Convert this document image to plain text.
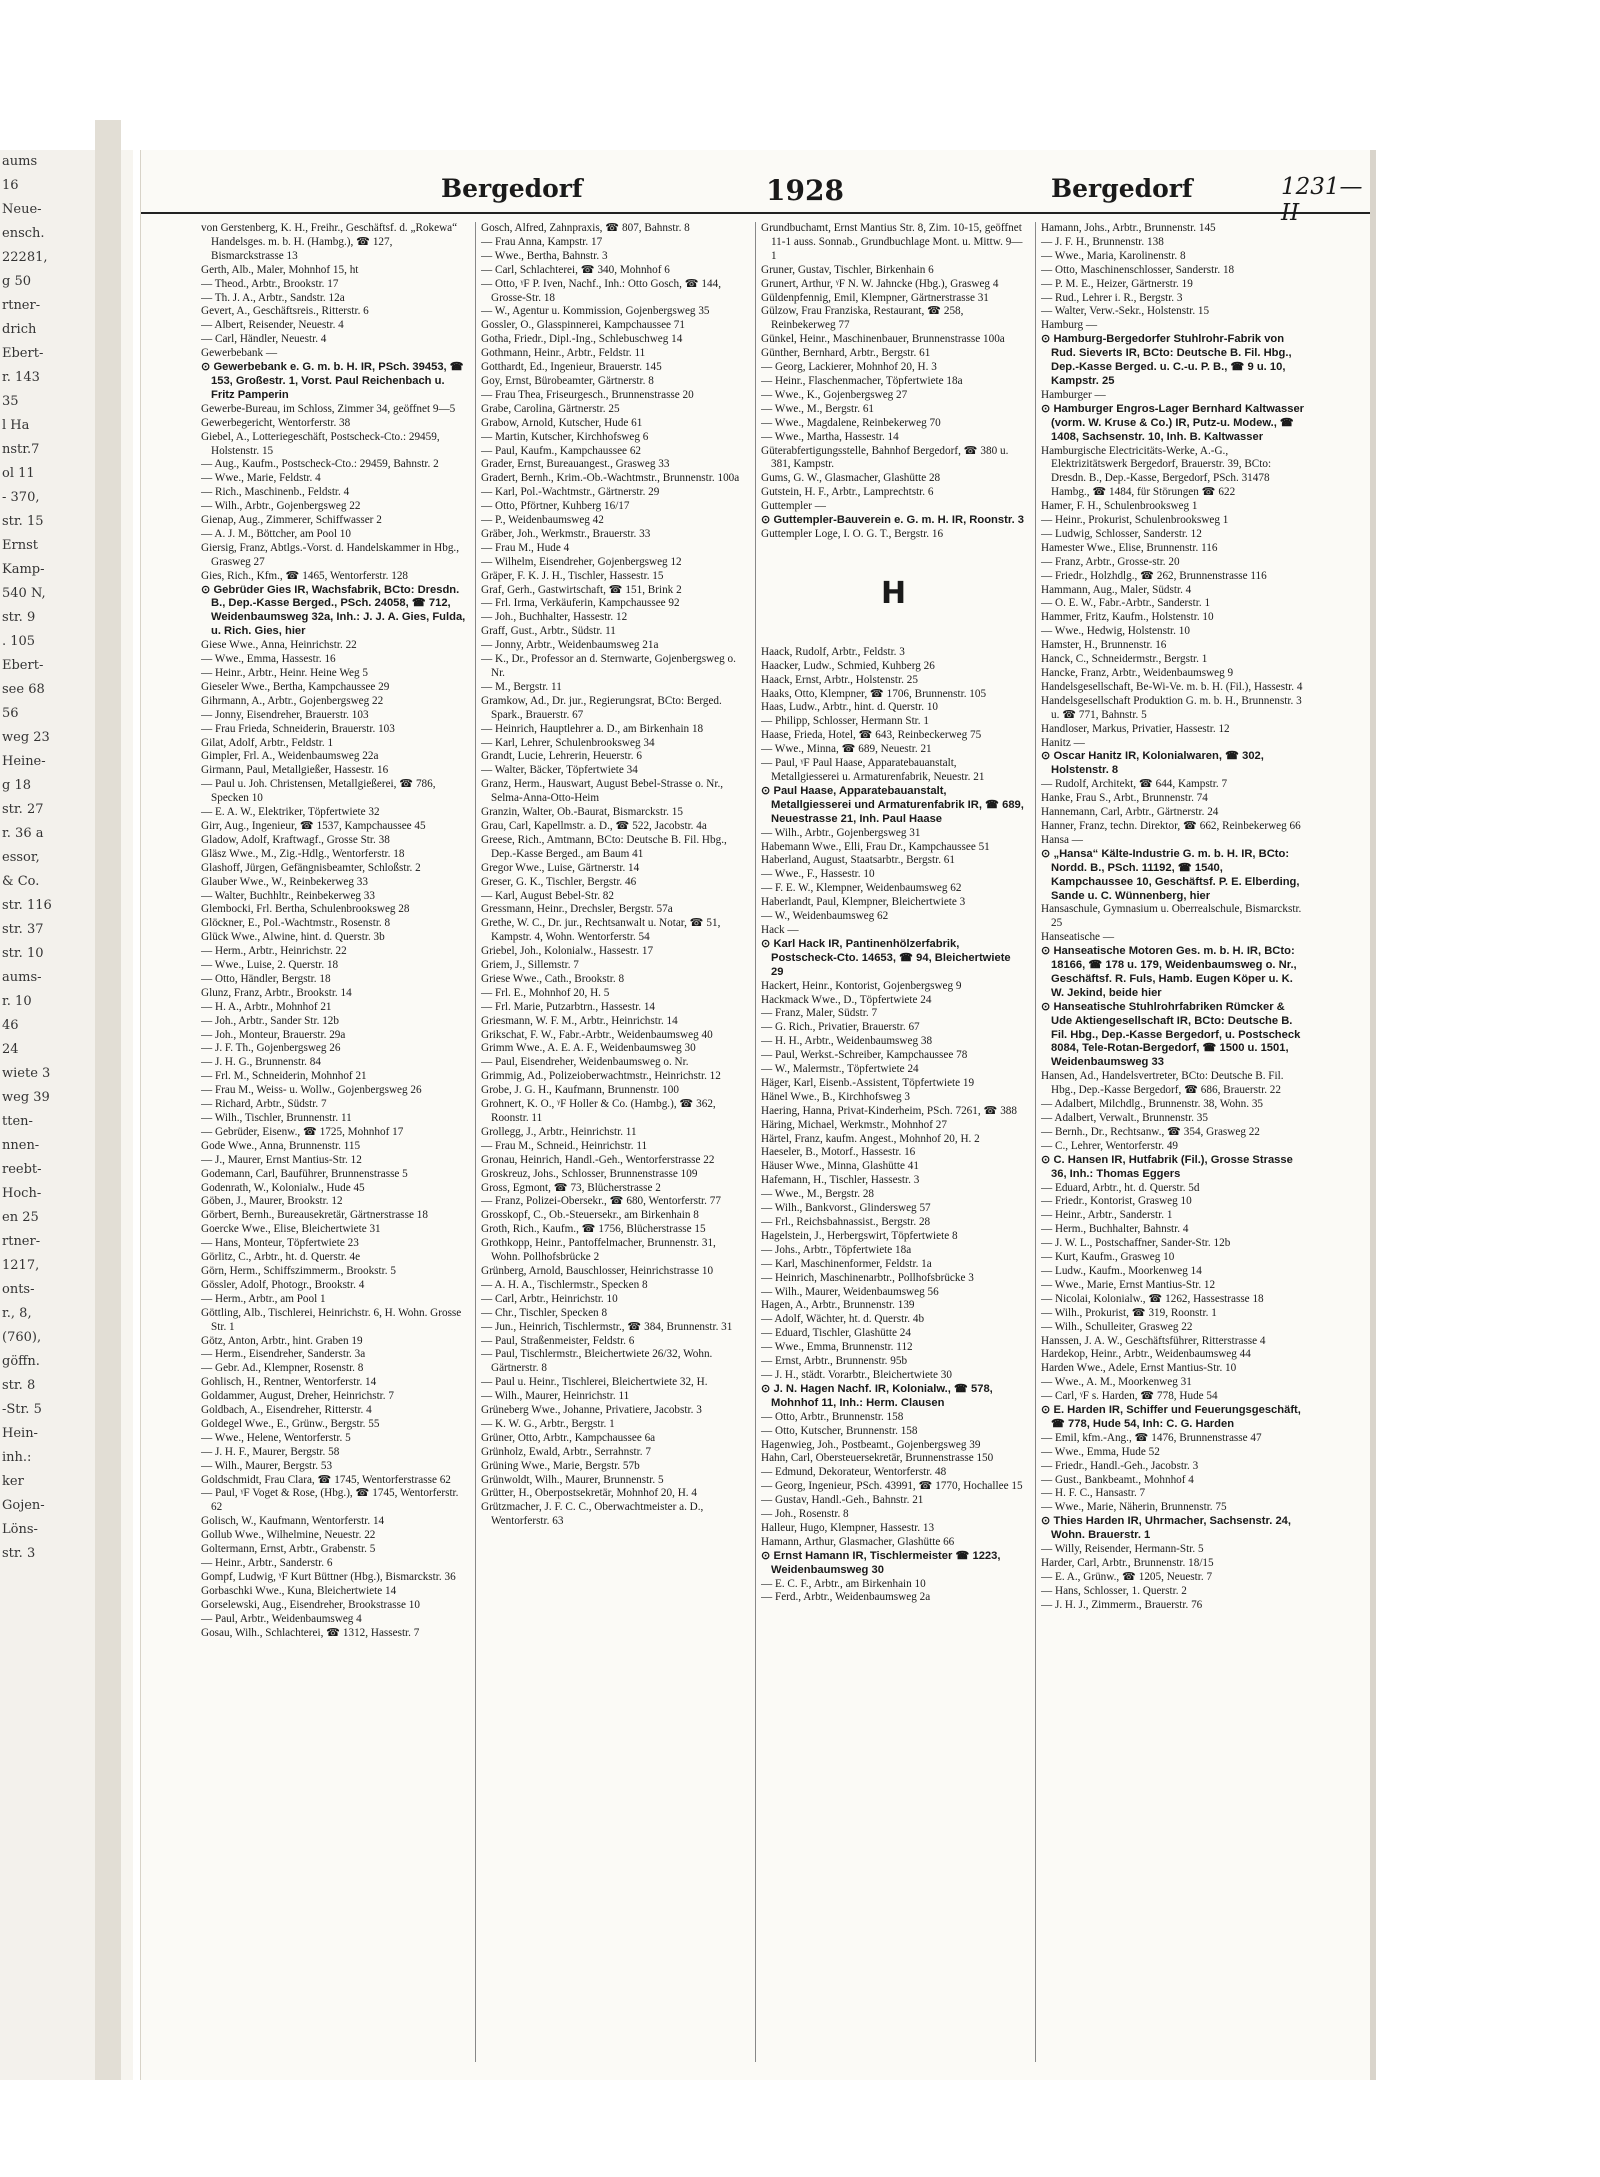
aums
16
Neue-
ensch.
22281,
g 50
rtner-
drich
Ebert-
r. 143
35
l Ha
nstr.7
ol 11
- 370,
str. 15
Ernst
Kamp-
540 N,
str. 9
. 105
Ebert-
see 68
56
weg 23
Heine-
g 18
str. 27
r. 36 a
essor,
& Co.
str. 116
str. 37
str. 10
aums-
r. 10
46
24
wiete 3
weg 39
tten-
nnen-
reebt-
Hoch-
en 25
rtner-
1217,
onts-
r., 8,
(760),
göffn.
str. 8
-Str. 5
Hein-
inh.:
ker
Gojen-
Löns-
str. 3
Bergedorf	1928	Bergedorf	1231—II

von Gerstenberg, K. H., Freihr., Geschäftsf. d. „Rokewa“ Handelsges. m. b. H. (Hambg.), ☎ 127, Bismarckstrasse 13

Gerth, Alb., Maler, Mohnhof 15, ht

— Theod., Arbtr., Brookstr. 17

— Th. J. A., Arbtr., Sandstr. 12a

Gevert, A., Geschäftsreis., Ritterstr. 6

— Albert, Reisender, Neuestr. 4

— Carl, Händler, Neuestr. 4

Gewerbebank —

⊙ Gewerbebank e. G. m. b. H. IR, PSch. 39453, ☎ 153, Großestr. 1, Vorst. Paul Reichenbach u. Fritz Pamperin

Gewerbe-Bureau, im Schloss, Zimmer 34, geöffnet 9—5

Gewerbegericht, Wentorferstr. 38

Giebel, A., Lotteriegeschäft, Postscheck-Cto.: 29459, Holstenstr. 15

— Aug., Kaufm., Postscheck-Cto.: 29459, Bahnstr. 2

— Wwe., Marie, Feldstr. 4

— Rich., Maschinenb., Feldstr. 4

— Wilh., Arbtr., Gojenbergsweg 22

Gienap, Aug., Zimmerer, Schiffwasser 2

— A. J. M., Böttcher, am Pool 10

Giersig, Franz, Abtlgs.-Vorst. d. Handelskammer in Hbg., Grasweg 27

Gies, Rich., Kfm., ☎ 1465, Wentorferstr. 128

⊙ Gebrüder Gies IR, Wachsfabrik, BCto: Dresdn. B., Dep.-Kasse Berged., PSch. 24058, ☎ 712, Weidenbaumsweg 32a, Inh.: J. J. A. Gies, Fulda, u. Rich. Gies, hier

Giese Wwe., Anna, Heinrichstr. 22

— Wwe., Emma, Hassestr. 16

— Heinr., Arbtr., Heinr. Heine Weg 5

Gieseler Wwe., Bertha, Kampchaussee 29

Gihrmann, A., Arbtr., Gojenbergsweg 22

— Jonny, Eisendreher, Brauerstr. 103

— Frau Frieda, Schneiderin, Brauerstr. 103

Gilat, Adolf, Arbtr., Feldstr. 1

Gimpler, Frl. A., Weidenbaumsweg 22a

Girmann, Paul, Metallgießer, Hassestr. 16

— Paul u. Joh. Christensen, Metallgießerei, ☎ 786, Specken 10

— E. A. W., Elektriker, Töpfertwiete 32

Girr, Aug., Ingenieur, ☎ 1537, Kampchaussee 45

Gladow, Adolf, Kraftwagf., Grosse Str. 38

Gläsz Wwe., M., Zig.-Hdlg., Wentorferstr. 18

Glashoff, Jürgen, Gefängnisbeamter, Schloßstr. 2

Glauber Wwe., W., Reinbekerweg 33

— Walter, Buchhltr., Reinbekerweg 33

Glembocki, Frl. Bertha, Schulenbrooksweg 28

Glöckner, E., Pol.-Wachtmstr., Rosenstr. 8

Glück Wwe., Alwine, hint. d. Querstr. 3b

— Herm., Arbtr., Heinrichstr. 22

— Wwe., Luise, 2. Querstr. 18

— Otto, Händler, Bergstr. 18

Glunz, Franz, Arbtr., Brookstr. 14

— H. A., Arbtr., Mohnhof 21

— Joh., Arbtr., Sander Str. 12b

— Joh., Monteur, Brauerstr. 29a

— J. F. Th., Gojenbergsweg 26

— J. H. G., Brunnenstr. 84

— Frl. M., Schneiderin, Mohnhof 21

— Frau M., Weiss- u. Wollw., Gojenbergsweg 26

— Richard, Arbtr., Südstr. 7

— Wilh., Tischler, Brunnenstr. 11

— Gebrüder, Eisenw., ☎ 1725, Mohnhof 17

Gode Wwe., Anna, Brunnenstr. 115

— J., Maurer, Ernst Mantius-Str. 12

Godemann, Carl, Bauführer, Brunnenstrasse 5

Godenrath, W., Kolonialw., Hude 45

Göben, J., Maurer, Brookstr. 12

Görbert, Bernh., Bureausekretär, Gärtnerstrasse 18

Goercke Wwe., Elise, Bleichertwiete 31

— Hans, Monteur, Töpfertwiete 23

Görlitz, C., Arbtr., ht. d. Querstr. 4e

Görn, Herm., Schiffszimmerm., Brookstr. 5

Gössler, Adolf, Photogr., Brookstr. 4

— Herm., Arbtr., am Pool 1

Göttling, Alb., Tischlerei, Heinrichstr. 6, H. Wohn. Grosse Str. 1

Götz, Anton, Arbtr., hint. Graben 19

— Herm., Eisendreher, Sanderstr. 3a

— Gebr. Ad., Klempner, Rosenstr. 8

Gohlisch, H., Rentner, Wentorferstr. 14

Goldammer, August, Dreher, Heinrichstr. 7

Goldbach, A., Eisendreher, Ritterstr. 4

Goldegel Wwe., E., Grünw., Bergstr. 55

— Wwe., Helene, Wentorferstr. 5

— J. H. F., Maurer, Bergstr. 58

— Wilh., Maurer, Bergstr. 53

Goldschmidt, Frau Clara, ☎ 1745, Wentorferstrasse 62

— Paul, ᵞF Voget & Rose, (Hbg.), ☎ 1745, Wentorferstr. 62

Golisch, W., Kaufmann, Wentorferstr. 14

Gollub Wwe., Wilhelmine, Neuestr. 22

Goltermann, Ernst, Arbtr., Grabenstr. 5

— Heinr., Arbtr., Sanderstr. 6

Gompf, Ludwig, ᵞF Kurt Büttner (Hbg.), Bismarckstr. 36

Gorbaschki Wwe., Kuna, Bleichertwiete 14

Gorselewski, Aug., Eisendreher, Brookstrasse 10

— Paul, Arbtr., Weidenbaumsweg 4

Gosau, Wilh., Schlachterei, ☎ 1312, Hassestr. 7

Gosch, Alfred, Zahnpraxis, ☎ 807, Bahnstr. 8

— Frau Anna, Kampstr. 17

— Wwe., Bertha, Bahnstr. 3

— Carl, Schlachterei, ☎ 340, Mohnhof 6

— Otto, ᵞF P. Iven, Nachf., Inh.: Otto Gosch, ☎ 144, Grosse-Str. 18

— W., Agentur u. Kommission, Gojenbergsweg 35

Gossler, O., Glasspinnerei, Kampchaussee 71

Gotha, Friedr., Dipl.-Ing., Schlebuschweg 14

Gothmann, Heinr., Arbtr., Feldstr. 11

Gotthardt, Ed., Ingenieur, Brauerstr. 145

Goy, Ernst, Bürobeamter, Gärtnerstr. 8

— Frau Thea, Friseurgesch., Brunnenstrasse 20

Grabe, Carolina, Gärtnerstr. 25

Grabow, Arnold, Kutscher, Hude 61

— Martin, Kutscher, Kirchhofsweg 6

— Paul, Kaufm., Kampchaussee 62

Grader, Ernst, Bureauangest., Grasweg 33

Gradert, Bernh., Krim.-Ob.-Wachtmstr., Brunnenstr. 100a

— Karl, Pol.-Wachtmstr., Gärtnerstr. 29

— Otto, Pförtner, Kuhberg 16/17

— P., Weidenbaumsweg 42

Gräber, Joh., Werkmstr., Brauerstr. 33

— Frau M., Hude 4

— Wilhelm, Eisendreher, Gojenbergsweg 12

Gräper, F. K. J. H., Tischler, Hassestr. 15

Graf, Gerh., Gastwirtschaft, ☎ 151, Brink 2

— Frl. Irma, Verkäuferin, Kampchaussee 92

— Joh., Buchhalter, Hassestr. 12

Graff, Gust., Arbtr., Südstr. 11

— Jonny, Arbtr., Weidenbaumsweg 21a

— K., Dr., Professor an d. Sternwarte, Gojenbergsweg o. Nr.

— M., Bergstr. 11

Gramkow, Ad., Dr. jur., Regierungsrat, BCto: Berged. Spark., Brauerstr. 67

— Heinrich, Hauptlehrer a. D., am Birkenhain 18

— Karl, Lehrer, Schulenbrooksweg 34

Grandt, Lucie, Lehrerin, Heuerstr. 6

— Walter, Bäcker, Töpfertwiete 34

Granz, Herm., Hauswart, August Bebel-Strasse o. Nr., Selma-Anna-Otto-Heim

Granzin, Walter, Ob.-Baurat, Bismarckstr. 15

Grau, Carl, Kapellmstr. a. D., ☎ 522, Jacobstr. 4a

Greese, Rich., Amtmann, BCto: Deutsche B. Fil. Hbg., Dep.-Kasse Berged., am Baum 41

Gregor Wwe., Luise, Gärtnerstr. 14

Greser, G. K., Tischler, Bergstr. 46

— Karl, August Bebel-Str. 82

Gressmann, Heinr., Drechsler, Bergstr. 57a

Grethe, W. C., Dr. jur., Rechtsanwalt u. Notar, ☎ 51, Kampstr. 4, Wohn. Wentorferstr. 54

Griebel, Joh., Kolonialw., Hassestr. 17

Griem, J., Sillemstr. 7

Griese Wwe., Cath., Brookstr. 8

— Frl. E., Mohnhof 20, H. 5

— Frl. Marie, Putzarbtrn., Hassestr. 14

Griesmann, W. F. M., Arbtr., Heinrichstr. 14

Grikschat, F. W., Fabr.-Arbtr., Weidenbaumsweg 40

Grimm Wwe., A. E. A. F., Weidenbaumsweg 30

— Paul, Eisendreher, Weidenbaumsweg o. Nr.

Grimmig, Ad., Polizeioberwachtmstr., Heinrichstr. 12

Grobe, J. G. H., Kaufmann, Brunnenstr. 100

Grohnert, K. O., ᵞF Holler & Co. (Hambg.), ☎ 362, Roonstr. 11

Grollegg, J., Arbtr., Heinrichstr. 11

— Frau M., Schneid., Heinrichstr. 11

Gronau, Heinrich, Handl.-Geh., Wentorferstrasse 22

Groskreuz, Johs., Schlosser, Brunnenstrasse 109

Gross, Egmont, ☎ 73, Blücherstrasse 2

— Franz, Polizei-Obersekr., ☎ 680, Wentorferstr. 77

Grosskopf, C., Ob.-Steuersekr., am Birkenhain 8

Groth, Rich., Kaufm., ☎ 1756, Blücherstrasse 15

Grothkopp, Heinr., Pantoffelmacher, Brunnenstr. 31, Wohn. Pollhofsbrücke 2

Grünberg, Arnold, Bauschlosser, Heinrichstrasse 10

— A. H. A., Tischlermstr., Specken 8

— Carl, Arbtr., Heinrichstr. 10

— Chr., Tischler, Specken 8

— Jun., Heinrich, Tischlermstr., ☎ 384, Brunnenstr. 31

— Paul, Straßenmeister, Feldstr. 6

— Paul, Tischlermstr., Bleichertwiete 26/32, Wohn. Gärtnerstr. 8

— Paul u. Heinr., Tischlerei, Bleichertwiete 32, H.

— Wilh., Maurer, Heinrichstr. 11

Grüneberg Wwe., Johanne, Privatiere, Jacobstr. 3

— K. W. G., Arbtr., Bergstr. 1

Grüner, Otto, Arbtr., Kampchaussee 6a

Grünholz, Ewald, Arbtr., Serrahnstr. 7

Grüning Wwe., Marie, Bergstr. 57b

Grünwoldt, Wilh., Maurer, Brunnenstr. 5

Grütter, H., Oberpostsekretär, Mohnhof 20, H. 4

Grützmacher, J. F. C. C., Oberwachtmeister a. D., Wentorferstr. 63

Grundbuchamt, Ernst Mantius Str. 8, Zim. 10-15, geöffnet 11-1 auss. Sonnab., Grundbuchlage Mont. u. Mittw. 9—1

Gruner, Gustav, Tischler, Birkenhain 6

Grunert, Arthur, ᵞF N. W. Jahncke (Hbg.), Grasweg 4

Güldenpfennig, Emil, Klempner, Gärtnerstrasse 31

Gülzow, Frau Franziska, Restaurant, ☎ 258, Reinbekerweg 77

Günkel, Heinr., Maschinenbauer, Brunnenstrasse 100a

Günther, Bernhard, Arbtr., Bergstr. 61

— Georg, Lackierer, Mohnhof 20, H. 3

— Heinr., Flaschenmacher, Töpfertwiete 18a

— Wwe., K., Gojenbergsweg 27

— Wwe., M., Bergstr. 61

— Wwe., Magdalene, Reinbekerweg 70

— Wwe., Martha, Hassestr. 14

Güterabfertigungsstelle, Bahnhof Bergedorf, ☎ 380 u. 381, Kampstr.

Gums, G. W., Glasmacher, Glashütte 28

Gutstein, H. F., Arbtr., Lamprechtstr. 6

Guttempler —

⊙ Guttempler-Bauverein e. G. m. H. IR, Roonstr. 3

Guttempler Loge, I. O. G. T., Bergstr. 16

H

Haack, Rudolf, Arbtr., Feldstr. 3

Haacker, Ludw., Schmied, Kuhberg 26

Haack, Ernst, Arbtr., Holstenstr. 25

Haaks, Otto, Klempner, ☎ 1706, Brunnenstr. 105

Haas, Ludw., Arbtr., hint. d. Querstr. 10

— Philipp, Schlosser, Hermann Str. 1

Haase, Frieda, Hotel, ☎ 643, Reinbeckerweg 75

— Wwe., Minna, ☎ 689, Neuestr. 21

— Paul, ᵞF Paul Haase, Apparatebauanstalt, Metallgiesserei u. Armaturenfabrik, Neuestr. 21

⊙ Paul Haase, Apparatebauanstalt, Metallgiesserei und Armaturenfabrik IR, ☎ 689, Neuestrasse 21, Inh. Paul Haase

— Wilh., Arbtr., Gojenbergsweg 31

Habemann Wwe., Elli, Frau Dr., Kampchaussee 51

Haberland, August, Staatsarbtr., Bergstr. 61

— Wwe., F., Hassestr. 10

— F. E. W., Klempner, Weidenbaumsweg 62

Haberlandt, Paul, Klempner, Bleichertwiete 3

— W., Weidenbaumsweg 62

Hack —

⊙ Karl Hack IR, Pantinenhölzerfabrik, Postscheck-Cto. 14653, ☎ 94, Bleichertwiete 29

Hackert, Heinr., Kontorist, Gojenbergsweg 9

Hackmack Wwe., D., Töpfertwiete 24

— Franz, Maler, Südstr. 7

— G. Rich., Privatier, Brauerstr. 67

— H. H., Arbtr., Weidenbaumsweg 38

— Paul, Werkst.-Schreiber, Kampchaussee 78

— W., Malermstr., Töpfertwiete 24

Häger, Karl, Eisenb.-Assistent, Töpfertwiete 19

Hänel Wwe., B., Kirchhofsweg 3

Haering, Hanna, Privat-Kinderheim, PSch. 7261, ☎ 388

Häring, Michael, Werkmstr., Mohnhof 27

Härtel, Franz, kaufm. Angest., Mohnhof 20, H. 2

Haeseler, B., Motorf., Hassestr. 16

Häuser Wwe., Minna, Glashütte 41

Hafemann, H., Tischler, Hassestr. 3

— Wwe., M., Bergstr. 28

— Wilh., Bankvorst., Glindersweg 57

— Frl., Reichsbahnassist., Bergstr. 28

Hagelstein, J., Herbergswirt, Töpfertwiete 8

— Johs., Arbtr., Töpfertwiete 18a

— Karl, Maschinenformer, Feldstr. 1a

— Heinrich, Maschinenarbtr., Pollhofsbrücke 3

— Wilh., Maurer, Weidenbaumsweg 56

Hagen, A., Arbtr., Brunnenstr. 139

— Adolf, Wächter, ht. d. Querstr. 4b

— Eduard, Tischler, Glashütte 24

— Wwe., Emma, Brunnenstr. 112

— Ernst, Arbtr., Brunnenstr. 95b

— J. H., städt. Vorarbtr., Bleichertwiete 30

⊙ J. N. Hagen Nachf. IR, Kolonialw., ☎ 578, Mohnhof 11, Inh.: Herm. Clausen

— Otto, Arbtr., Brunnenstr. 158

— Otto, Kutscher, Brunnenstr. 158

Hagenwieg, Joh., Postbeamt., Gojenbergsweg 39

Hahn, Carl, Obersteuersekretär, Brunnenstrasse 150

— Edmund, Dekorateur, Wentorferstr. 48

— Georg, Ingenieur, PSch. 43991, ☎ 1770, Hochallee 15

— Gustav, Handl.-Geh., Bahnstr. 21

— Joh., Rosenstr. 8

Halleur, Hugo, Klempner, Hassestr. 13

Hamann, Arthur, Glasmacher, Glashütte 66

⊙ Ernst Hamann IR, Tischlermeister ☎ 1223, Weidenbaumsweg 30

— E. C. F., Arbtr., am Birkenhain 10

— Ferd., Arbtr., Weidenbaumsweg 2a

Hamann, Johs., Arbtr., Brunnenstr. 145

— J. F. H., Brunnenstr. 138

— Wwe., Maria, Karolinenstr. 8

— Otto, Maschinenschlosser, Sanderstr. 18

— P. M. E., Heizer, Gärtnerstr. 19

— Rud., Lehrer i. R., Bergstr. 3

— Walter, Verw.-Sekr., Holstenstr. 15

Hamburg —

⊙ Hamburg-Bergedorfer Stuhlrohr-Fabrik von Rud. Sieverts IR, BCto: Deutsche B. Fil. Hbg., Dep.-Kasse Berged. u. C.-u. P. B., ☎ 9 u. 10, Kampstr. 25

Hamburger —

⊙ Hamburger Engros-Lager Bernhard Kaltwasser (vorm. W. Kruse & Co.) IR, Putz-u. Modew., ☎ 1408, Sachsenstr. 10, Inh. B. Kaltwasser

Hamburgische Electricitäts-Werke, A.-G., Elektrizitätswerk Bergedorf, Brauerstr. 39, BCto: Dresdn. B., Dep.-Kasse, Bergedorf, PSch. 31478 Hambg., ☎ 1484, für Störungen ☎ 622

Hamer, F. H., Schulenbrooksweg 1

— Heinr., Prokurist, Schulenbrooksweg 1

— Ludwig, Schlosser, Sanderstr. 12

Hamester Wwe., Elise, Brunnenstr. 116

— Franz, Arbtr., Grosse-str. 20

— Friedr., Holzhdlg., ☎ 262, Brunnenstrasse 116

Hammann, Aug., Maler, Südstr. 4

— O. E. W., Fabr.-Arbtr., Sanderstr. 1

Hammer, Fritz, Kaufm., Holstenstr. 10

— Wwe., Hedwig, Holstenstr. 10

Hamster, H., Brunnenstr. 16

Hanck, C., Schneidermstr., Bergstr. 1

Hancke, Franz, Arbtr., Weidenbaumsweg 9

Handelsgesellschaft, Be-Wi-Ve. m. b. H. (Fil.), Hassestr. 4

Handelsgesellschaft Produktion G. m. b. H., Brunnenstr. 3 u. ☎ 771, Bahnstr. 5

Handloser, Markus, Privatier, Hassestr. 12

Hanitz —

⊙ Oscar Hanitz IR, Kolonialwaren, ☎ 302, Holstenstr. 8

— Rudolf, Architekt, ☎ 644, Kampstr. 7

Hanke, Frau S., Arbt., Brunnenstr. 74

Hannemann, Carl, Arbtr., Gärtnerstr. 24

Hanner, Franz, techn. Direktor, ☎ 662, Reinbekerweg 66

Hansa —

⊙ „Hansa“ Kälte-Industrie G. m. b. H. IR, BCto: Nordd. B., PSch. 11192, ☎ 1540, Kampchaussee 10, Geschäftsf. P. E. Elberding, Sande u. C. Wünnenberg, hier

Hansaschule, Gymnasium u. Oberrealschule, Bismarckstr. 25

Hanseatische —

⊙ Hanseatische Motoren Ges. m. b. H. IR, BCto: 18166, ☎ 178 u. 179, Weidenbaumsweg o. Nr., Geschäftsf. R. Fuls, Hamb. Eugen Köper u. K. W. Jekind, beide hier

⊙ Hanseatische Stuhlrohrfabriken Rümcker & Ude Aktiengesellschaft IR, BCto: Deutsche B. Fil. Hbg., Dep.-Kasse Bergedorf, u. Postscheck 8084, Tele-Rotan-Bergedorf, ☎ 1500 u. 1501, Weidenbaumsweg 33

Hansen, Ad., Handelsvertreter, BCto: Deutsche B. Fil. Hbg., Dep.-Kasse Bergedorf, ☎ 686, Brauerstr. 22

— Adalbert, Milchdlg., Brunnenstr. 38, Wohn. 35

— Adalbert, Verwalt., Brunnenstr. 35

— Bernh., Dr., Rechtsanw., ☎ 354, Grasweg 22

— C., Lehrer, Wentorferstr. 49

⊙ C. Hansen IR, Hutfabrik (Fil.), Grosse Strasse 36, Inh.: Thomas Eggers

— Eduard, Arbtr., ht. d. Querstr. 5d

— Friedr., Kontorist, Grasweg 10

— Heinr., Arbtr., Sanderstr. 1

— Herm., Buchhalter, Bahnstr. 4

— J. W. L., Postschaffner, Sander-Str. 12b

— Kurt, Kaufm., Grasweg 10

— Ludw., Kaufm., Moorkenweg 14

— Wwe., Marie, Ernst Mantius-Str. 12

— Nicolai, Kolonialw., ☎ 1262, Hassestrasse 18

— Wilh., Prokurist, ☎ 319, Roonstr. 1

— Wilh., Schulleiter, Grasweg 22

Hanssen, J. A. W., Geschäftsführer, Ritterstrasse 4

Hardekop, Heinr., Arbtr., Weidenbaumsweg 44

Harden Wwe., Adele, Ernst Mantius-Str. 10

— Wwe., A. M., Moorkenweg 31

— Carl, ᵞF s. Harden, ☎ 778, Hude 54

⊙ E. Harden IR, Schiffer und Feuerungsgeschäft, ☎ 778, Hude 54, Inh: C. G. Harden

— Emil, kfm.-Ang., ☎ 1476, Brunnenstrasse 47

— Wwe., Emma, Hude 52

— Friedr., Handl.-Geh., Jacobstr. 3

— Gust., Bankbeamt., Mohnhof 4

— H. F. C., Hansastr. 7

— Wwe., Marie, Näherin, Brunnenstr. 75

⊙ Thies Harden IR, Uhrmacher, Sachsenstr. 24, Wohn. Brauerstr. 1

— Willy, Reisender, Hermann-Str. 5

Harder, Carl, Arbtr., Brunnenstr. 18/15

— E. A., Grünw., ☎ 1205, Neuestr. 7

— Hans, Schlosser, 1. Querstr. 2

— J. H. J., Zimmerm., Brauerstr. 76
